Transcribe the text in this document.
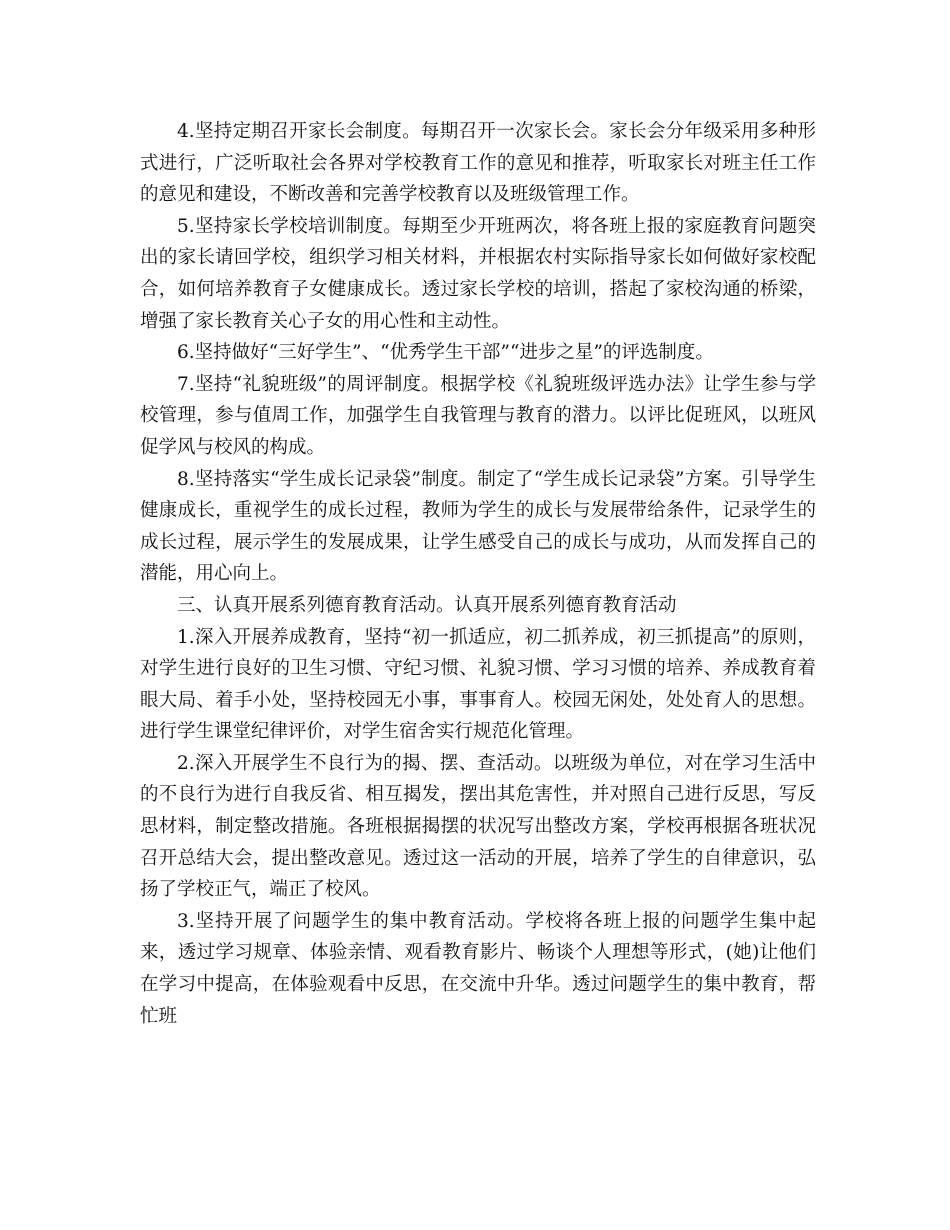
4.坚持定期召开家长会制度。每期召开一次家长会。家长会分年级采用多种形式进行，广泛听取社会各界对学校教育工作的意见和推荐，听取家长对班主任工作的意见和建设，不断改善和完善学校教育以及班级管理工作。

5.坚持家长学校培训制度。每期至少开班两次，将各班上报的家庭教育问题突出的家长请回学校，组织学习相关材料，并根据农村实际指导家长如何做好家校配合，如何培养教育子女健康成长。透过家长学校的培训，搭起了家校沟通的桥梁，增强了家长教育关心子女的用心性和主动性。

6.坚持做好“三好学生”、“优秀学生干部”“进步之星”的评选制度。

7.坚持“礼貌班级”的周评制度。根据学校《礼貌班级评选办法》让学生参与学校管理，参与值周工作，加强学生自我管理与教育的潜力。以评比促班风，以班风促学风与校风的构成。

8.坚持落实“学生成长记录袋”制度。制定了“学生成长记录袋”方案。引导学生健康成长，重视学生的成长过程，教师为学生的成长与发展带给条件，记录学生的成长过程，展示学生的发展成果，让学生感受自己的成长与成功，从而发挥自己的潜能，用心向上。

三、认真开展系列德育教育活动。认真开展系列德育教育活动

1.深入开展养成教育，坚持“初一抓适应，初二抓养成，初三抓提高”的原则，对学生进行良好的卫生习惯、守纪习惯、礼貌习惯、学习习惯的培养、养成教育着眼大局、着手小处，坚持校园无小事，事事育人。校园无闲处，处处育人的思想。进行学生课堂纪律评价，对学生宿舍实行规范化管理。

2.深入开展学生不良行为的揭、摆、查活动。以班级为单位，对在学习生活中的不良行为进行自我反省、相互揭发，摆出其危害性，并对照自己进行反思，写反思材料，制定整改措施。各班根据揭摆的状况写出整改方案，学校再根据各班状况召开总结大会，提出整改意见。透过这一活动的开展，培养了学生的自律意识，弘扬了学校正气，端正了校风。

3.坚持开展了问题学生的集中教育活动。学校将各班上报的问题学生集中起来，透过学习规章、体验亲情、观看教育影片、畅谈个人理想等形式，(她)让他们在学习中提高，在体验观看中反思，在交流中升华。透过问题学生的集中教育，帮忙班
